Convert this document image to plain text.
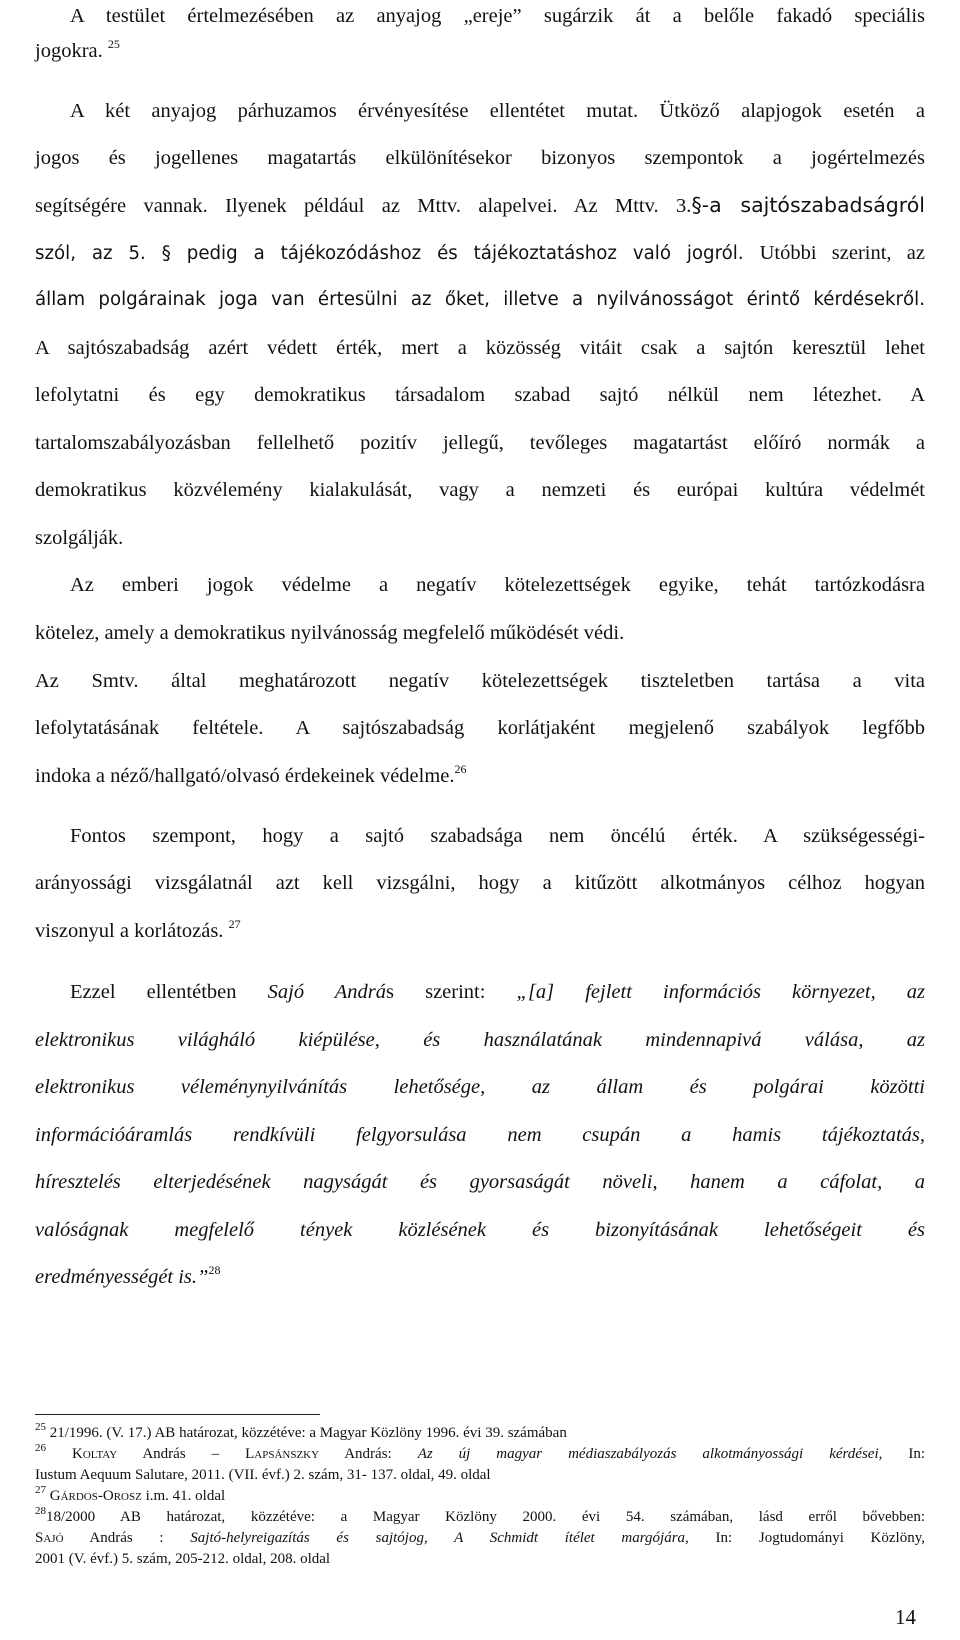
A testület értelmezésében az anyajog „ereje” sugárzik át a belőle fakadó speciális
jogokra. $^{25}$
A két anyajog párhuzamos érvényesítése ellentétet mutat. Ütköző alapjogok esetén a
jogos és jogellenes magatartás elkülönítésekor bizonyos szempontok a jogértelmezés
segítségére vannak. Ilyenek például az Mttv. alapelvei. Az Mttv. 3.§-a sajtószabadságról
szól, az 5. § pedig a tájékozódáshoz és tájékoztatáshoz való jogról. Utóbbi szerint, az
állam polgárainak joga van értesülni az őket, illetve a nyilvánosságot érintő kérdésekről.
A sajtószabadság azért védett érték, mert a közösség vitáit csak a sajtón keresztül lehet
lefolytatni és egy demokratikus társadalom szabad sajtó nélkül nem létezhet. A
tartalomszabályozásban fellelhető pozitív jellegű, tevőleges magatartást előíró normák a
demokratikus közvélemény kialakulását, vagy a nemzeti és európai kultúra védelmét
szolgálják.
Az emberi jogok védelme a negatív kötelezettségek egyike, tehát tartózkodásra
kötelez, amely a demokratikus nyilvánosság megfelelő működését védi.
Az Smtv. által meghatározott negatív kötelezettségek tiszteletben tartása a vita
lefolytatásának feltétele. A sajtószabadság korlátjaként megjelenő szabályok legfőbb
indoka a néző/hallgató/olvasó érdekeinek védelme.$^{26}$
Fontos szempont, hogy a sajtó szabadsága nem öncélú érték. A szükségességi-
arányossági vizsgálatnál azt kell vizsgálni, hogy a kitűzött alkotmányos célhoz hogyan
viszonyul a korlátozás. $^{27}$
Ezzel ellentétben Sajó András szerint: „[a] fejlett információs környezet, az
elektronikus világháló kiépülése, és használatának mindennapivá válása, az
elektronikus véleménynyilvánítás lehetősége, az állam és polgárai közötti
információáramlás rendkívüli felgyorsulása nem csupán a hamis tájékoztatás,
híresztelés elterjedésének nagyságát és gyorsaságát növeli, hanem a cáfolat, a
valóságnak megfelelő tények közlésének és bizonyításának lehetőségeit és
eredményességét is.”$^{28}$
$^{25}$ 21/1996. (V. 17.) AB határozat, közzétéve: a Magyar Közlöny 1996. évi 39. számában
$^{26}$ Koltay András – Lapsánszky András: Az új magyar médiaszabályozás alkotmányossági kérdései, In:
Iustum Aequum Salutare, 2011. (VII. évf.) 2. szám, 31- 137. oldal, 49. oldal
$^{27}$ Gárdos-Orosz i.m. 41. oldal
$^{28}$18/2000 AB határozat, közzétéve: a Magyar Közlöny 2000. évi 54. számában, lásd erről bővebben:
Sajó András : Sajtó-helyreigazítás és sajtójog, A Schmidt ítélet margójára, In: Jogtudományi Közlöny,
2001 (V. évf.) 5. szám, 205-212. oldal, 208. oldal
14
